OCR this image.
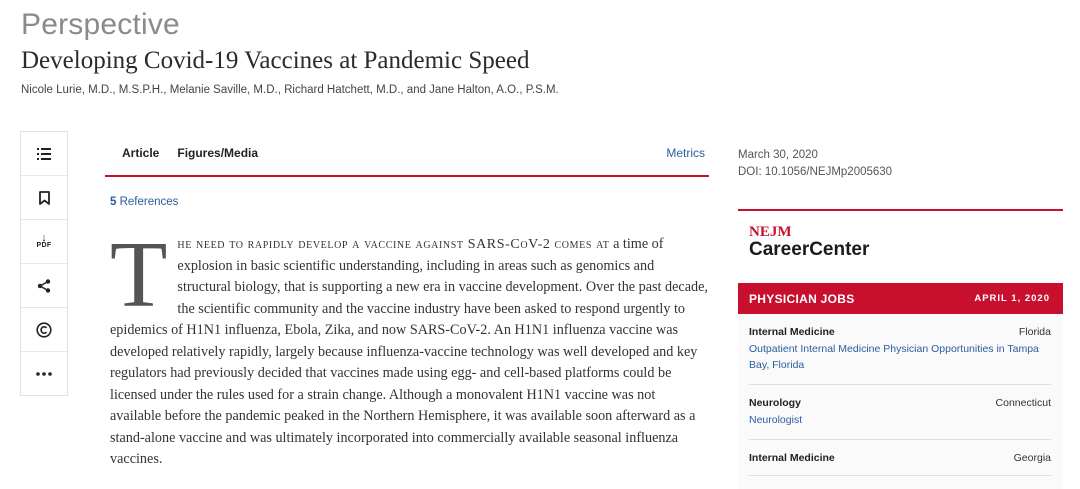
Perspective
Developing Covid-19 Vaccines at Pandemic Speed
Nicole Lurie, M.D., M.S.P.H., Melanie Saville, M.D., Richard Hatchett, M.D., and Jane Halton, A.O., P.S.M.
↓
PDF
Article Figures/Media	Metrics
5 References
T he need to rapidly develop a vaccine against SARS-CoV-2 comes at a time of explosion in basic scientific understanding, including in areas such as genomics and structural biology, that is supporting a new era in vaccine development. Over the past decade, the scientific community and the vaccine industry have been asked to respond urgently to epidemics of H1N1 influenza, Ebola, Zika, and now SARS-CoV-2. An H1N1 influenza vaccine was developed relatively rapidly, largely because influenza-vaccine technology was well developed and key regulators had previously decided that vaccines made using egg- and cell-based platforms could be licensed under the rules used for a strain change. Although a monovalent H1N1 vaccine was not available before the pandemic peaked in the Northern Hemisphere, it was available soon afterward as a stand-alone vaccine and was ultimately incorporated into commercially available seasonal influenza vaccines.
March 30, 2020
DOI: 10.1056/NEJMp2005630
NEJM
CareerCenter
PHYSICIAN JOBS	APRIL 1, 2020
Internal Medicine	Florida
Outpatient Internal Medicine Physician Opportunities in Tampa Bay, Florida
Neurology	Connecticut
Neurologist
Internal Medicine	Georgia
